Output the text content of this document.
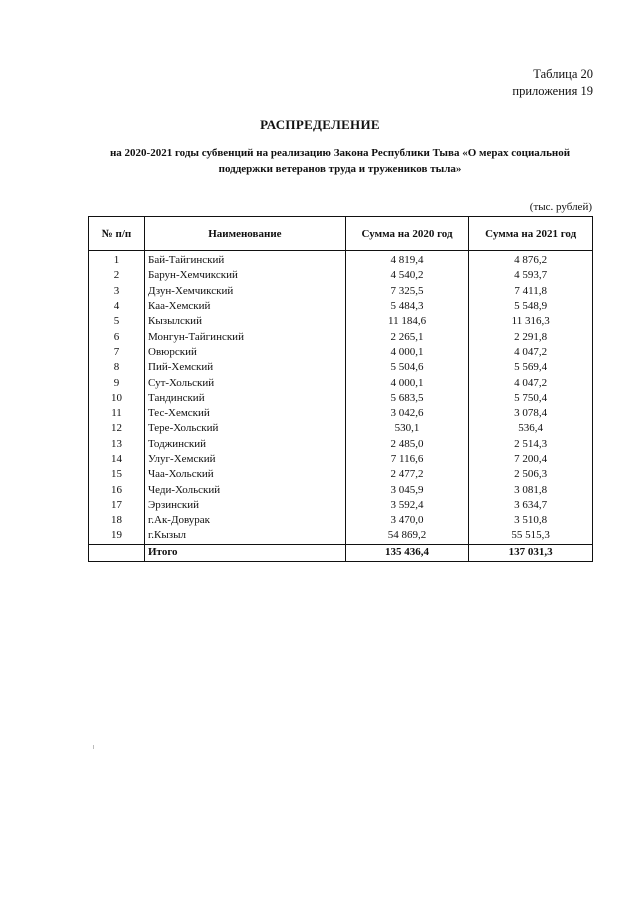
Таблица 20
приложения 19
РАСПРЕДЕЛЕНИЕ
на 2020-2021 годы субвенций на реализацию Закона Республики Тыва «О мерах социальной
поддержки ветеранов труда и тружеников тыла»
(тыс. рублей)
№ п/п	Наименование	Сумма на 2020 год	Сумма на 2021 год
1	Бай-Тайгинский	4 819,4	4 876,2
2	Барун-Хемчикский	4 540,2	4 593,7
3	Дзун-Хемчикский	7 325,5	7 411,8
4	Каа-Хемский	5 484,3	5 548,9
5	Кызылский	11 184,6	11 316,3
6	Монгун-Тайгинский	2 265,1	2 291,8
7	Овюрский	4 000,1	4 047,2
8	Пий-Хемский	5 504,6	5 569,4
9	Сут-Хольский	4 000,1	4 047,2
10	Тандинский	5 683,5	5 750,4
11	Тес-Хемский	3 042,6	3 078,4
12	Тере-Хольский	530,1	536,4
13	Тоджинский	2 485,0	2 514,3
14	Улуг-Хемский	7 116,6	7 200,4
15	Чаа-Хольский	2 477,2	2 506,3
16	Чеди-Хольский	3 045,9	3 081,8
17	Эрзинский	3 592,4	3 634,7
18	г.Ак-Довурак	3 470,0	3 510,8
19	г.Кызыл	54 869,2	55 515,3
	Итого	135 436,4	137 031,3
